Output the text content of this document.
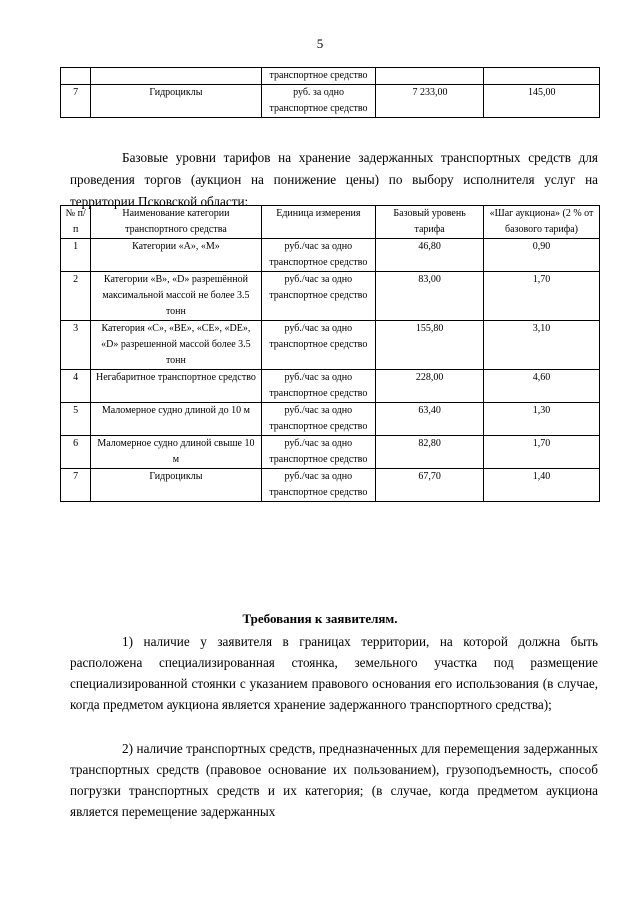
5
		транспортное средство		
7	Гидроциклы	руб. за одно транспортное средство	7 233,00	145,00

Базовые уровни тарифов на хранение задержанных транспортных средств для проведения торгов (аукцион на понижение цены) по выбору исполнителя услуг на территории Псковской области:

№ п/п	Наименование категории транспортного средства	Единица измерения	Базовый уровень тарифа	«Шаг аукциона» (2 % от базового тарифа)
1	Категории «А», «М»	руб./час за одно транспортное средство	46,80	0,90
2	Категории «В», «D» разрешённой максимальной массой не более 3.5 тонн	руб./час за одно транспортное средство	83,00	1,70
3	Категория «С», «ВЕ», «СЕ», «DE», «D» разрешенной массой более 3.5 тонн	руб./час за одно транспортное средство	155,80	3,10
4	Негабаритное транспортное средство	руб./час за одно транспортное средство	228,00	4,60
5	Маломерное судно длиной до 10 м	руб./час за одно транспортное средство	63,40	1,30
6	Маломерное судно длиной свыше 10 м	руб./час за одно транспортное средство	82,80	1,70
7	Гидроциклы	руб./час за одно транспортное средство	67,70	1,40

Требования к заявителям.

1) наличие у заявителя в границах территории, на которой должна быть расположена специализированная стоянка, земельного участка под размещение специализированной стоянки с указанием правового основания его использования (в случае, когда предметом аукциона является хранение задержанного транспортного средства);

2) наличие транспортных средств, предназначенных для перемещения задержанных транспортных средств (правовое основание их пользованием), грузоподъемность, способ погрузки транспортных средств и их категория; (в случае, когда предметом аукциона является перемещение задержанных
